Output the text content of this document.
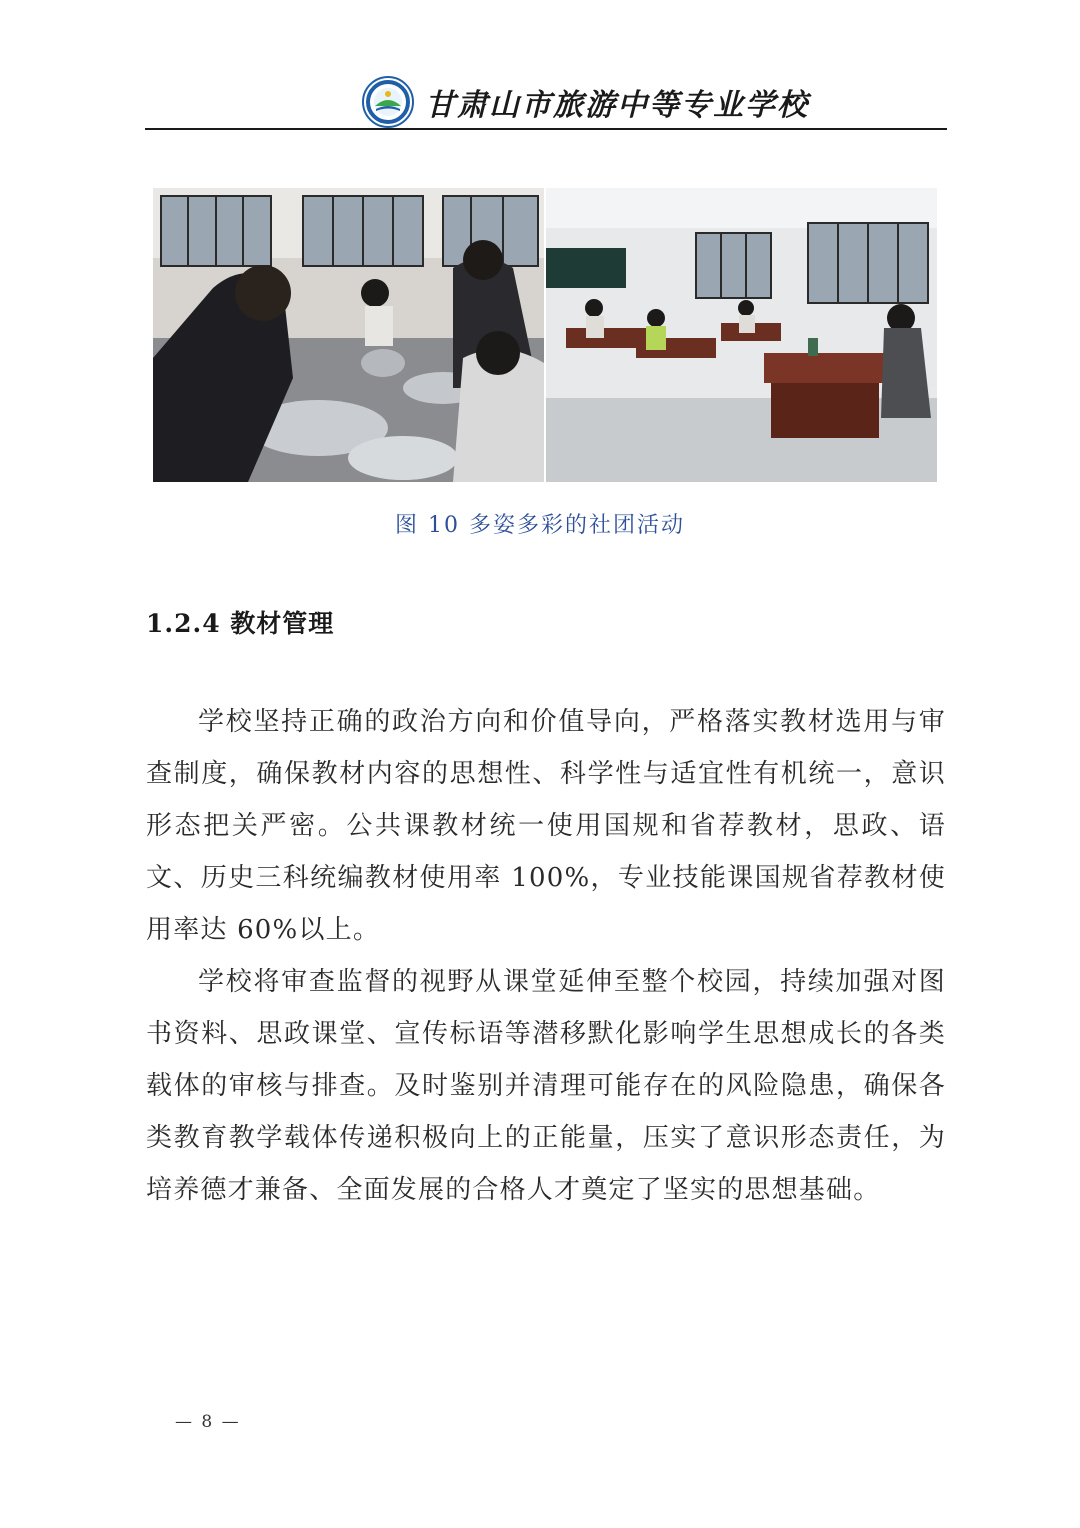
甘肃山市旅游中等专业学校
图 10 多姿多彩的社团活动
1.2.4 教材管理

学校坚持正确的政治方向和价值导向，严格落实教材选用与审查制度，确保教材内容的思想性、科学性与适宜性有机统一，意识形态把关严密。公共课教材统一使用国规和省荐教材，思政、语文、历史三科统编教材使用率 100%，专业技能课国规省荐教材使用率达 60%以上。

学校将审查监督的视野从课堂延伸至整个校园，持续加强对图书资料、思政课堂、宣传标语等潜移默化影响学生思想成长的各类载体的审核与排查。及时鉴别并清理可能存在的风险隐患，确保各类教育教学载体传递积极向上的正能量，压实了意识形态责任，为培养德才兼备、全面发展的合格人才奠定了坚实的思想基础。

— 8 —
